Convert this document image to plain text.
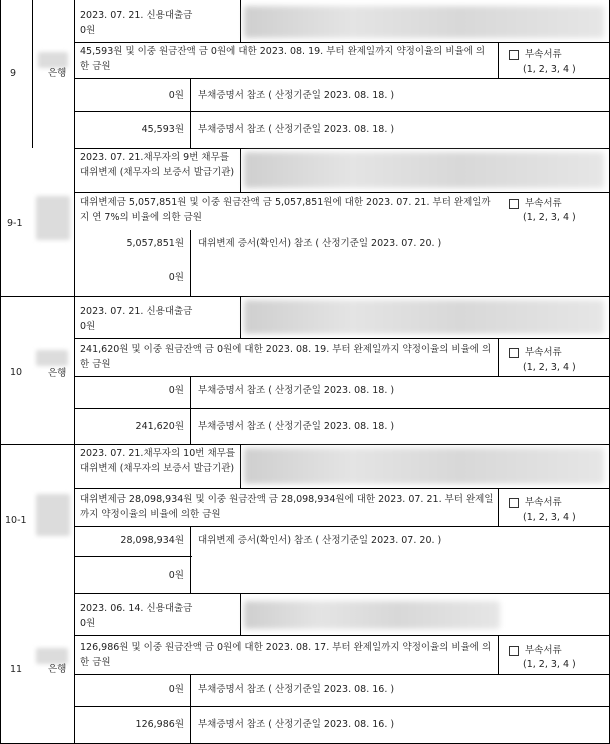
9	은행
2023. 07. 21. 신용대출금
0원
45,593원 및 이중 원금잔액 금 0원에 대한 2023. 08. 19. 부터 완제일까지 약정이율의 비율에 의한 금원
부속서류
(1, 2, 3, 4 )
0원 부채증명서 참조 ( 산정기준일 2023. 08. 18. )
45,593원 부채증명서 참조 ( 산정기준일 2023. 08. 18. )
9-1
2023. 07. 21.채무자의 9번 채무를 대위변제 (채무자의 보증서 발급기관)
대위변제금 5,057,851원 및 이중 원금잔액 금 5,057,851원에 대한 2023. 07. 21. 부터 완제일까지 연 7%의 비율에 의한 금원
부속서류
(1, 2, 3, 4 )
5,057,851원 대위변제 증서(확인서) 참조 ( 산정기준일 2023. 07. 20. )
0원
10	은행
2023. 07. 21. 신용대출금
0원
241,620원 및 이중 원금잔액 금 0원에 대한 2023. 08. 19. 부터 완제일까지 약정이율의 비율에 의한 금원
부속서류
(1, 2, 3, 4 )
0원 부채증명서 참조 ( 산정기준일 2023. 08. 18. )
241,620원 부채증명서 참조 ( 산정기준일 2023. 08. 18. )
10-1
2023. 07. 21.채무자의 10번 채무를 대위변제 (채무자의 보증서 발급기관)
대위변제금 28,098,934원 및 이중 원금잔액 금 28,098,934원에 대한 2023. 07. 21. 부터 완제일까지 약정이율의 비율에 의한 금원
부속서류
(1, 2, 3, 4 )
28,098,934원 대위변제 증서(확인서) 참조 ( 산정기준일 2023. 07. 20. )
0원
11	은행
2023. 06. 14. 신용대출금
0원
126,986원 및 이중 원금잔액 금 0원에 대한 2023. 08. 17. 부터 완제일까지 약정이율의 비율에 의한 금원
부속서류
(1, 2, 3, 4 )
0원 부채증명서 참조 ( 산정기준일 2023. 08. 16. )
126,986원 부채증명서 참조 ( 산정기준일 2023. 08. 16. )
